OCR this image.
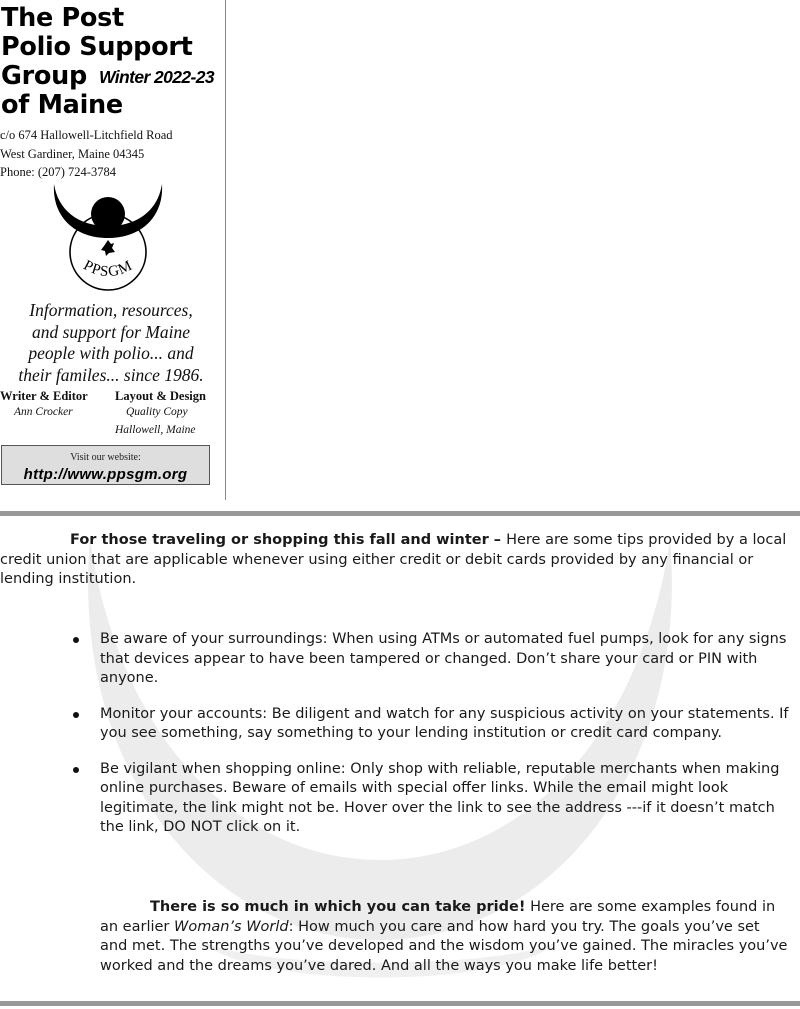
The Post
Polio Support
Group Winter 2022-23
of Maine

c/o 674 Hallowell-Litchfield Road

West Gardiner, Maine 04345

Phone: (207) 724-3784

PPSGM

Information, resources,
and support for Maine
people with polio... and
their familes... since 1986.

Writer & Editor

Ann Crocker

Layout & Design

Quality Copy

Hallowell, Maine

Visit our website:
http://www.ppsgm.org

For those traveling or shopping this fall and winter – Here are some tips provided by a local credit union that are applicable whenever using either credit or debit cards provided by any financial or lending institution.

Be aware of your surroundings: When using ATMs or automated fuel pumps, look for any signs that devices appear to have been tampered or changed. Don’t share your card or PIN with anyone.
Monitor your accounts: Be diligent and watch for any suspicious activity on your statements. If you see something, say something to your lending institution or credit card company.
Be vigilant when shopping online: Only shop with reliable, reputable merchants when making online purchases. Beware of emails with special offer links. While the email might look legitimate, the link might not be. Hover over the link to see the address ---if it doesn’t match the link, DO NOT click on it.

There is so much in which you can take pride! Here are some examples found in an earlier Woman’s World: How much you care and how hard you try. The goals you’ve set and met. The strengths you’ve developed and the wisdom you’ve gained. The miracles you’ve worked and the dreams you’ve dared. And all the ways you make life better!
